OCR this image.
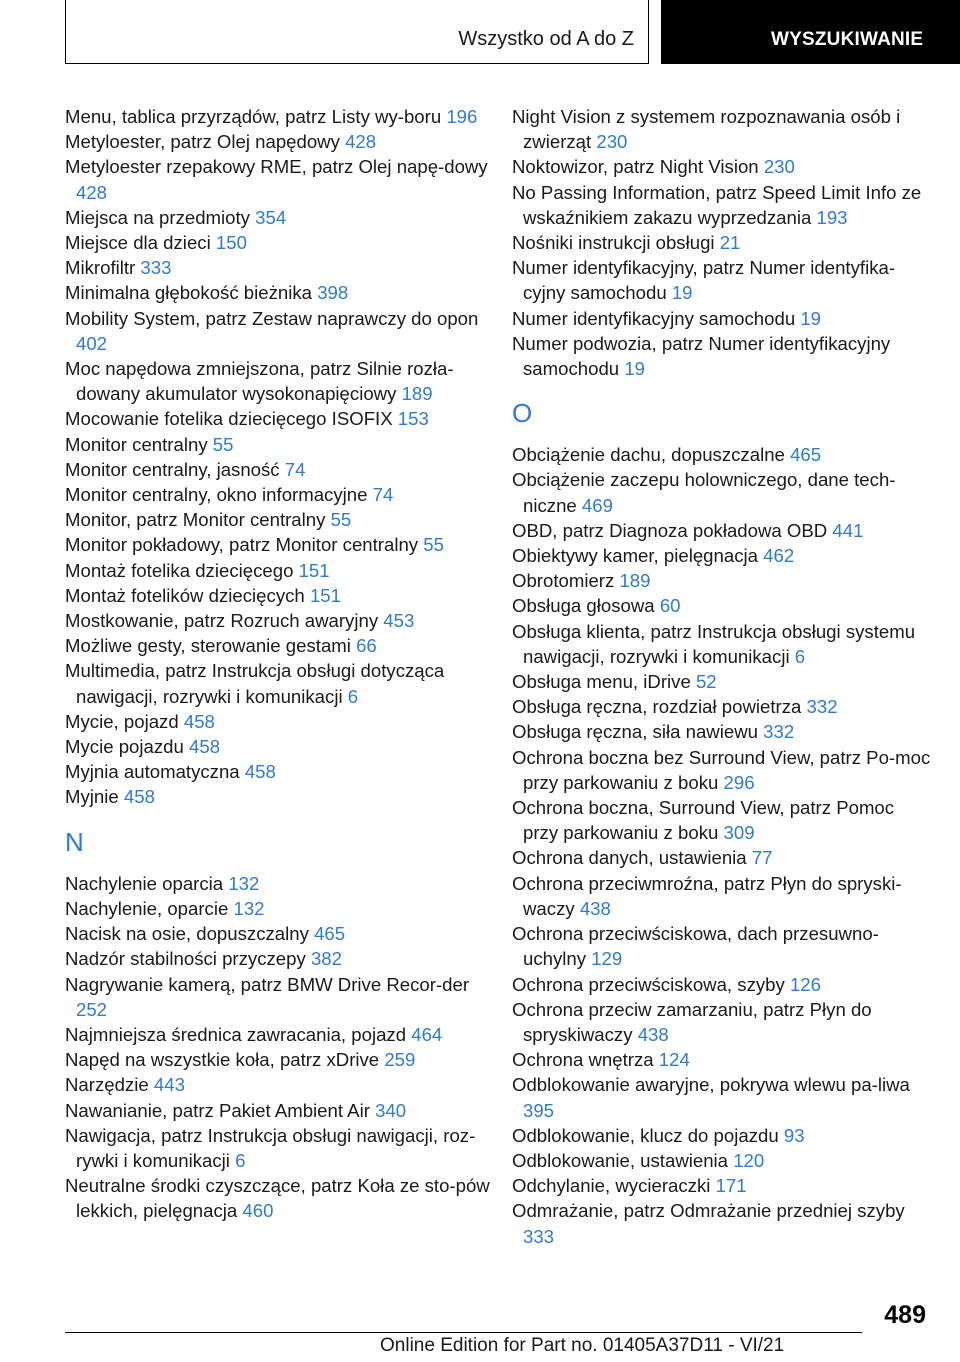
Wszystko od A do Z	WYSZUKIWANIE
Menu, tablica przyrządów, patrz Listy wy-boru 196
Metyloester, patrz Olej napędowy 428
Metyloester rzepakowy RME, patrz Olej napę-dowy 428
Miejsca na przedmioty 354
Miejsce dla dzieci 150
Mikrofiltr 333
Minimalna głębokość bieżnika 398
Mobility System, patrz Zestaw naprawczy do opon 402
Moc napędowa zmniejszona, patrz Silnie rozła-dowany akumulator wysokonapięciowy 189
Mocowanie fotelika dziecięcego ISOFIX 153
Monitor centralny 55
Monitor centralny, jasność 74
Monitor centralny, okno informacyjne 74
Monitor, patrz Monitor centralny 55
Monitor pokładowy, patrz Monitor centralny 55
Montaż fotelika dziecięcego 151
Montaż fotelików dziecięcych 151
Mostkowanie, patrz Rozruch awaryjny 453
Możliwe gesty, sterowanie gestami 66
Multimedia, patrz Instrukcja obsługi dotycząca nawigacji, rozrywki i komunikacji 6
Mycie, pojazd 458
Mycie pojazdu 458
Myjnia automatyczna 458
Myjnie 458
N
Nachylenie oparcia 132
Nachylenie, oparcie 132
Nacisk na osie, dopuszczalny 465
Nadzór stabilności przyczepy 382
Nagrywanie kamerą, patrz BMW Drive Recor-der 252
Najmniejsza średnica zawracania, pojazd 464
Napęd na wszystkie koła, patrz xDrive 259
Narzędzie 443
Nawanianie, patrz Pakiet Ambient Air 340
Nawigacja, patrz Instrukcja obsługi nawigacji, roz-rywki i komunikacji 6
Neutralne środki czyszczące, patrz Koła ze sto-pów lekkich, pielęgnacja 460
Night Vision z systemem rozpoznawania osób i zwierząt 230
Noktowizor, patrz Night Vision 230
No Passing Information, patrz Speed Limit Info ze wskaźnikiem zakazu wyprzedzania 193
Nośniki instrukcji obsługi 21
Numer identyfikacyjny, patrz Numer identyfika-cyjny samochodu 19
Numer identyfikacyjny samochodu 19
Numer podwozia, patrz Numer identyfikacyjny samochodu 19
O
Obciążenie dachu, dopuszczalne 465
Obciążenie zaczepu holowniczego, dane tech-niczne 469
OBD, patrz Diagnoza pokładowa OBD 441
Obiektywy kamer, pielęgnacja 462
Obrotomierz 189
Obsługa głosowa 60
Obsługa klienta, patrz Instrukcja obsługi systemu nawigacji, rozrywki i komunikacji 6
Obsługa menu, iDrive 52
Obsługa ręczna, rozdział powietrza 332
Obsługa ręczna, siła nawiewu 332
Ochrona boczna bez Surround View, patrz Po-moc przy parkowaniu z boku 296
Ochrona boczna, Surround View, patrz Pomoc przy parkowaniu z boku 309
Ochrona danych, ustawienia 77
Ochrona przeciwmroźna, patrz Płyn do spryski-waczy 438
Ochrona przeciwściskowa, dach przesuwno-uchylny 129
Ochrona przeciwściskowa, szyby 126
Ochrona przeciw zamarzaniu, patrz Płyn do spryskiwaczy 438
Ochrona wnętrza 124
Odblokowanie awaryjne, pokrywa wlewu pa-liwa 395
Odblokowanie, klucz do pojazdu 93
Odblokowanie, ustawienia 120
Odchylanie, wycieraczki 171
Odmrażanie, patrz Odmrażanie przedniej szyby 333
489
Online Edition for Part no. 01405A37D11 - VI/21
